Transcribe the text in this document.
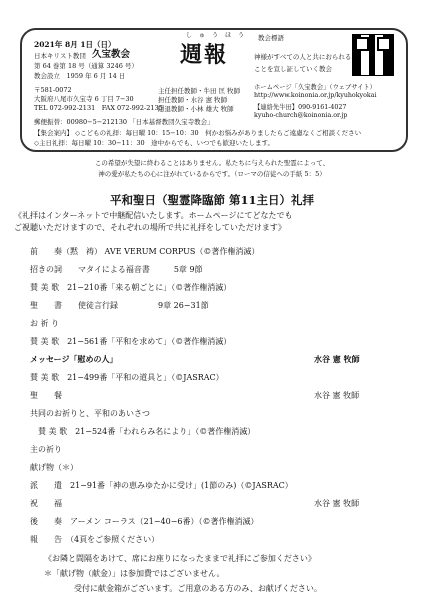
2021年 8月 1日（日）
日本キリスト教団 久宝教会
第 64 巻第 18 号（通算 3246 号）
教会設立　1959 年 6 月 14 日
〒581-0072
大阪府八尾市久宝寺 6 丁目 7−30
TEL 072-992-2131　FAX 072-992-2135
郵便振替：00980−5−212130 「日本基督教団久宝寺教会」
しゅうほう
週報
主任担任教師・牛田 匡 牧師
担任教師・水谷 憲 牧師
隠退教師・小林 雄大 牧師
教会標語
神様がすべての人と共におられる
ことを宣し証していく教会
ホームページ「久宝教会」（ウェブサイト）
http://www.koinonia.or.jp/kyuhokyokai
【連絡先牛田】090-9161-4027
kyuho-church@koinonia.or.jp
【集会案内】 ◇こどもの礼拝：毎日曜 10：15−10：30　何かお悩みがありましたらご遠慮なくご相談ください
◇主日礼拝：毎日曜 10：30−11：30　途中からでも、いつでも歓迎いたします。
この希望が失望に終わることはありません。私たちに与えられた聖霊によって、
神の愛が私たちの心に注がれているからです。（ローマの信徒への手紙 5：5）
平和聖日（聖霊降臨節 第11主日）礼拝
《礼拝はインターネットで中継配信いたします。ホームページにてどなたでも
ご視聴いただけますので、それぞれの場所で共に礼拝をしていただけます》
前　　奏（黙　祷） AVE VERUM CORPUS（©著作権消滅）
招きの詞　　マタイによる福音書　　　5章 9節
賛 美 歌　21−210番「来る朝ごとに」（©著作権消滅）
聖　　書　　使徒言行録　　　　　9章 26−31節
お 祈 り
賛 美 歌　21−561番「平和を求めて」（©著作権消滅）
メッセージ「慰めの人」	水谷 憲 牧師
賛 美 歌　21−499番「平和の道具と」（©JASRAC）
聖　　餐	水谷 憲 牧師
共同のお祈りと、平和のあいさつ
　賛 美 歌　21−524番「われらみ名により」（©著作権消滅）
主の祈り
献げ物（＊）
派　　遣　21−91番「神の恵みゆたかに受け」(1節のみ)（©JASRAC）
祝　　福	水谷 憲 牧師
後　　奏　アーメン コーラス（21−40−6番）（©著作権消滅）
報　　告　（4頁をご参照ください）
《お隣と間隔をあけて、席にお座りになったままで礼拝にご参加ください》
＊「献げ物（献金）」は参加費ではございません。
受付に献金箱がございます。ご用意のある方のみ、お献げください。
